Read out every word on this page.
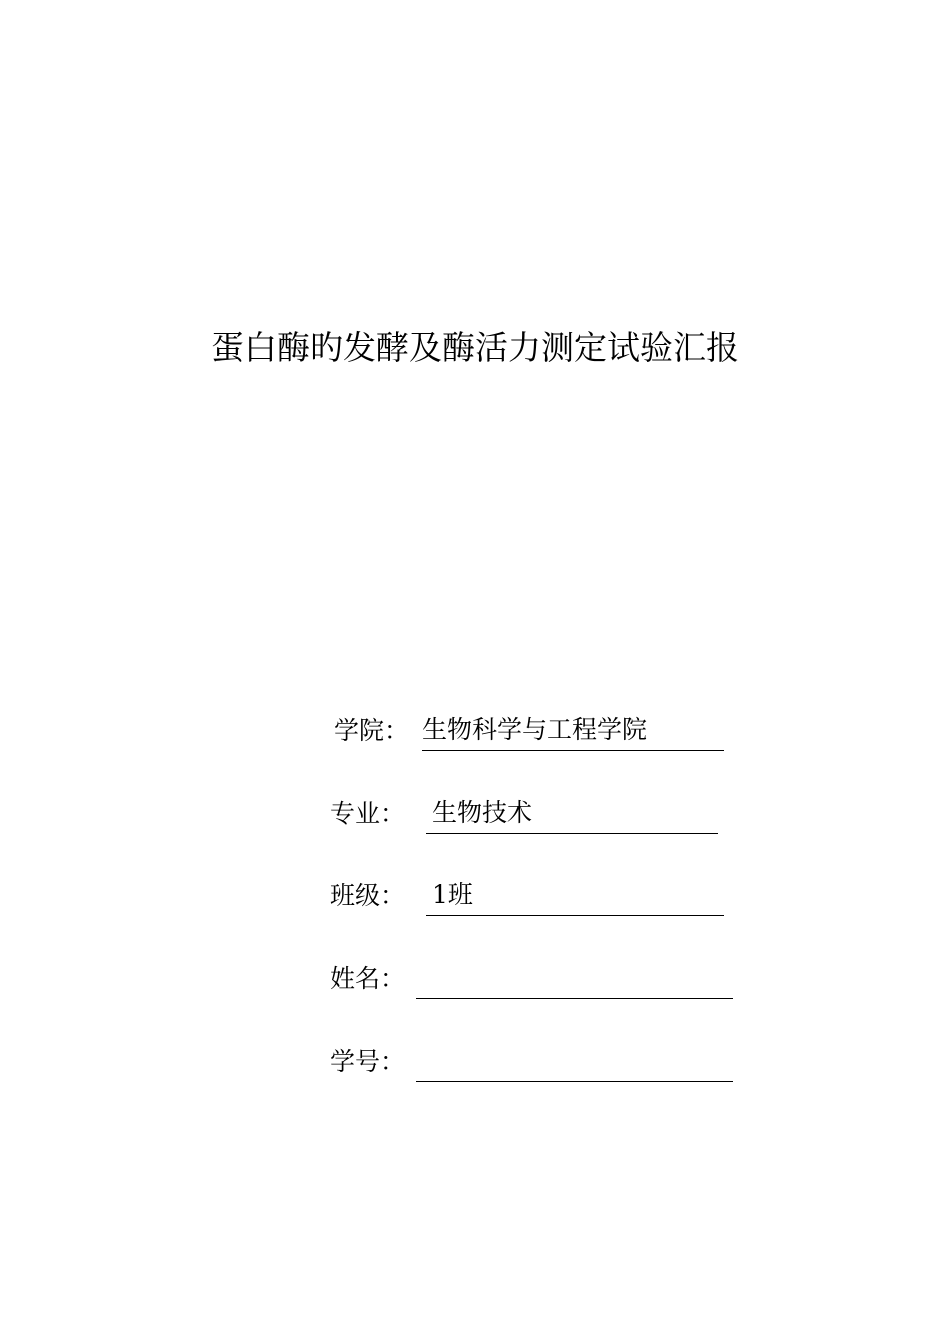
蛋白酶旳发酵及酶活力测定试验汇报
学院： 生物科学与工程学院
专业： 生物技术
班级： 1班
姓名：
学号：
